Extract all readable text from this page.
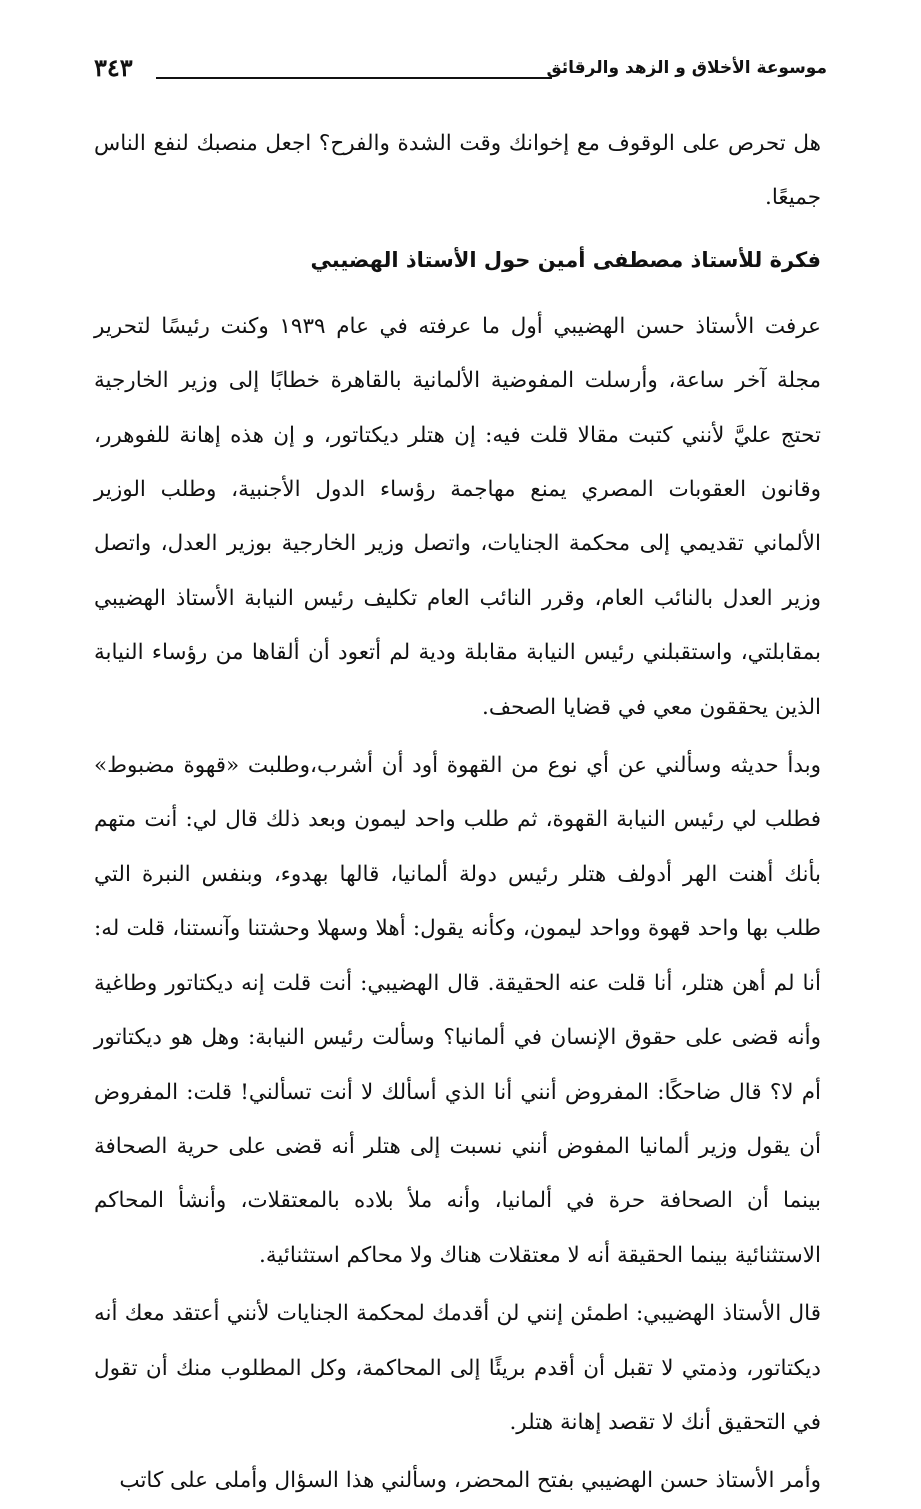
موسوعة الأخلاق و الزهد والرقائق
٣٤٣

هل تحرص على الوقوف مع إخوانك وقت الشدة والفرح؟ اجعل منصبك لنفع الناس جميعًا.

فكرة للأستاذ مصطفى أمين حول الأستاذ الهضيبي

عرفت الأستاذ حسن الهضيبي أول ما عرفته في عام ١٩٣٩ وكنت رئيسًا لتحرير مجلة آخر ساعة، وأرسلت المفوضية الألمانية بالقاهرة خطابًا إلى وزير الخارجية تحتج عليَّ لأنني كتبت مقالا قلت فيه: إن هتلر ديكتاتور، و إن هذه إهانة للفوهرر، وقانون العقوبات المصري يمنع مهاجمة رؤساء الدول الأجنبية، وطلب الوزير الألماني تقديمي إلى محكمة الجنايات، واتصل وزير الخارجية بوزير العدل، واتصل وزير العدل بالنائب العام، وقرر النائب العام تكليف رئيس النيابة الأستاذ الهضيبي بمقابلتي، واستقبلني رئيس النيابة مقابلة ودية لم أتعود أن ألقاها من رؤساء النيابة الذين يحققون معي في قضايا الصحف.

وبدأ حديثه وسألني عن أي نوع من القهوة أود أن أشرب،وطلبت «قهوة مضبوط» فطلب لي رئيس النيابة القهوة، ثم طلب واحد ليمون وبعد ذلك قال لي: أنت متهم بأنك أهنت الهر أدولف هتلر رئيس دولة ألمانيا، قالها بهدوء، وبنفس النبرة التي طلب بها واحد قهوة وواحد ليمون، وكأنه يقول: أهلا وسهلا وحشتنا وآنستنا، قلت له: أنا لم أهن هتلر، أنا قلت عنه الحقيقة. قال الهضيبي: أنت قلت إنه ديكتاتور وطاغية وأنه قضى على حقوق الإنسان في ألمانيا؟ وسألت رئيس النيابة: وهل هو ديكتاتور أم لا؟ قال ضاحكًا: المفروض أنني أنا الذي أسألك لا أنت تسألني! قلت: المفروض أن يقول وزير ألمانيا المفوض أنني نسبت إلى هتلر أنه قضى على حرية الصحافة بينما أن الصحافة حرة في ألمانيا، وأنه ملأ بلاده بالمعتقلات، وأنشأ المحاكم الاستثنائية بينما الحقيقة أنه لا معتقلات هناك ولا محاكم استثنائية.

قال الأستاذ الهضيبي: اطمئن إنني لن أقدمك لمحكمة الجنايات لأنني أعتقد معك أنه ديكتاتور، وذمتي لا تقبل أن أقدم بريئًا إلى المحاكمة، وكل المطلوب منك أن تقول في التحقيق أنك لا تقصد إهانة هتلر.

وأمر الأستاذ حسن الهضيبي بفتح المحضر، وسألني هذا السؤال وأملى على كاتب
